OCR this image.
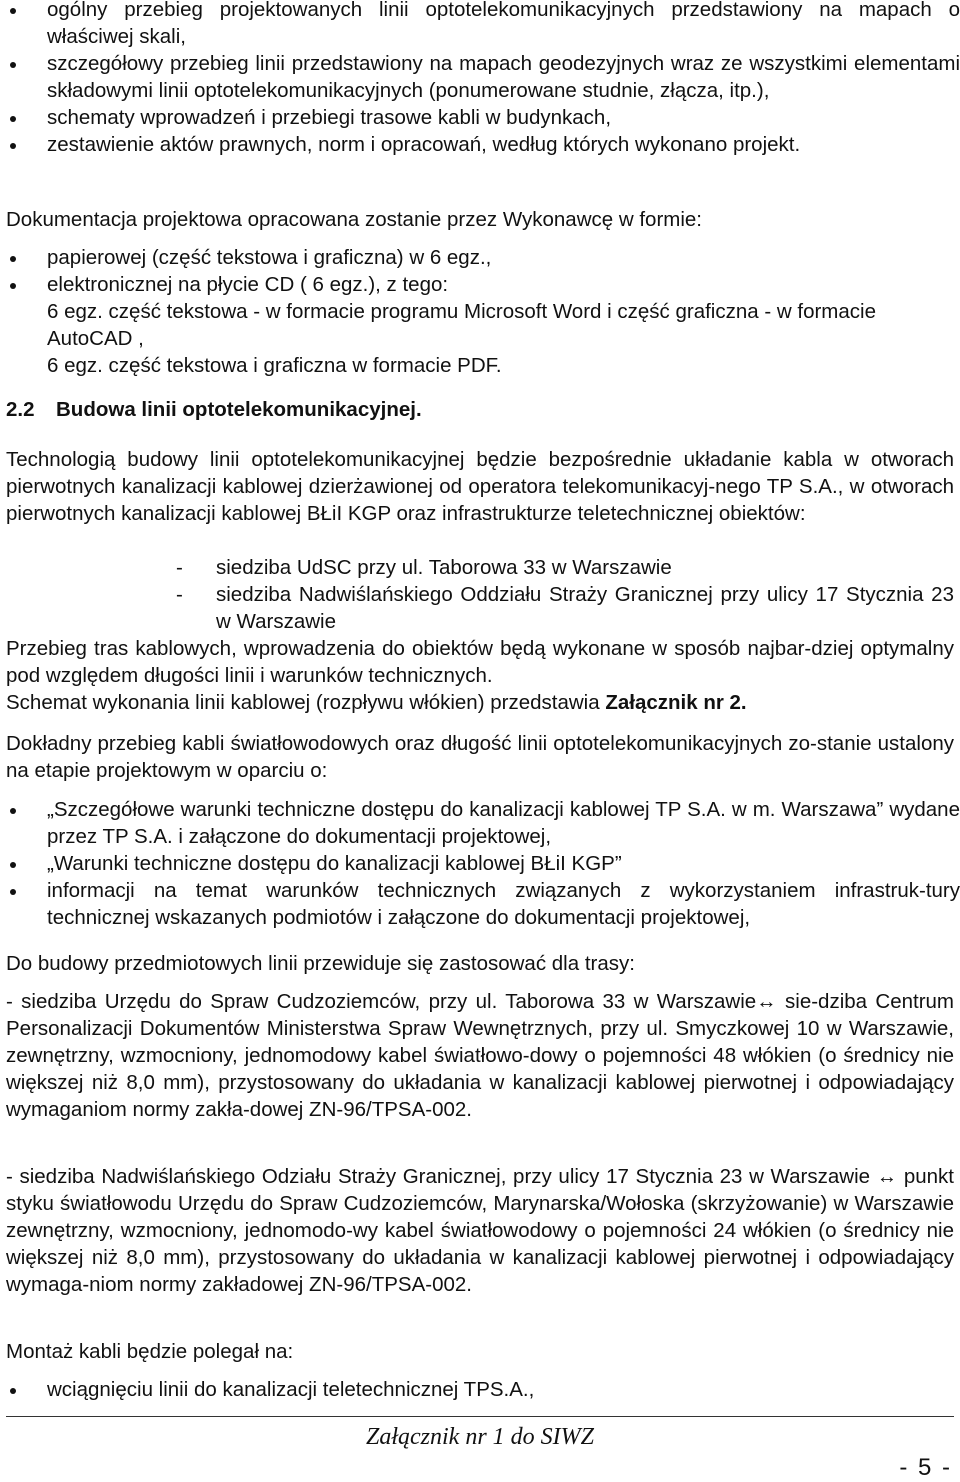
ogólny przebieg projektowanych linii optotelekomunikacyjnych przedstawiony na mapach o właściwej skali,
szczegółowy przebieg linii przedstawiony na mapach geodezyjnych wraz ze wszystkimi elementami składowymi linii optotelekomunikacyjnych (ponumerowane studnie, złącza, itp.),
schematy wprowadzeń i przebiegi trasowe kabli w budynkach,
zestawienie aktów prawnych, norm i opracowań, według których wykonano projekt.

Dokumentacja projektowa opracowana zostanie przez Wykonawcę w formie:

papierowej (część tekstowa i graficzna) w 6 egz.,
elektronicznej na płycie CD ( 6 egz.), z tego:
6 egz. część tekstowa - w formacie programu Microsoft Word i część graficzna - w formacie AutoCAD ,
6 egz. część tekstowa i graficzna w formacie PDF.

2.2 Budowa linii optotelekomunikacyjnej.

Technologią budowy linii optotelekomunikacyjnej będzie bezpośrednie układanie kabla w otworach pierwotnych kanalizacji kablowej dzierżawionej od operatora telekomunikacyj-nego TP S.A., w otworach pierwotnych kanalizacji kablowej BŁiI KGP oraz infrastrukturze teletechnicznej obiektów:

-	siedziba UdSC przy ul. Taborowa 33 w Warszawie
-	siedziba Nadwiślańskiego Oddziału Straży Granicznej przy ulicy 17 Stycznia 23 w Warszawie

Przebieg tras kablowych, wprowadzenia do obiektów będą wykonane w sposób najbar-dziej optymalny pod względem długości linii i warunków technicznych.

Schemat wykonania linii kablowej (rozpływu włókien) przedstawia Załącznik nr 2.

Dokładny przebieg kabli światłowodowych oraz długość linii optotelekomunikacyjnych zo-stanie ustalony na etapie projektowym w oparciu o:

„Szczegółowe warunki techniczne dostępu do kanalizacji kablowej TP S.A. w m. Warszawa” wydane przez TP S.A. i załączone do dokumentacji projektowej,
„Warunki techniczne dostępu do kanalizacji kablowej BŁiI KGP”
informacji na temat warunków technicznych związanych z wykorzystaniem infrastruk-tury technicznej wskazanych podmiotów i załączone do dokumentacji projektowej,

Do budowy przedmiotowych linii przewiduje się zastosować dla trasy:

- siedziba Urzędu do Spraw Cudzoziemców, przy ul. Taborowa 33 w Warszawie↔ sie-dziba Centrum Personalizacji Dokumentów Ministerstwa Spraw Wewnętrznych, przy ul. Smyczkowej 10 w Warszawie, zewnętrzny, wzmocniony, jednomodowy kabel światłowo-dowy o pojemności 48 włókien (o średnicy nie większej niż 8,0 mm), przystosowany do układania w kanalizacji kablowej pierwotnej i odpowiadający wymaganiom normy zakła-dowej ZN-96/TPSA-002.

- siedziba Nadwiślańskiego Odziału Straży Granicznej, przy ulicy 17 Stycznia 23 w Warszawie ↔ punkt styku światłowodu Urzędu do Spraw Cudzoziemców, Marynarska/Wołoska (skrzyżowanie) w Warszawie zewnętrzny, wzmocniony, jednomodo-wy kabel światłowodowy o pojemności 24 włókien (o średnicy nie większej niż 8,0 mm), przystosowany do układania w kanalizacji kablowej pierwotnej i odpowiadający wymaga-niom normy zakładowej ZN-96/TPSA-002.

Montaż kabli będzie polegał na:

wciągnięciu linii do kanalizacji teletechnicznej TPS.A.,
Załącznik nr 1 do SIWZ
- 5 -
